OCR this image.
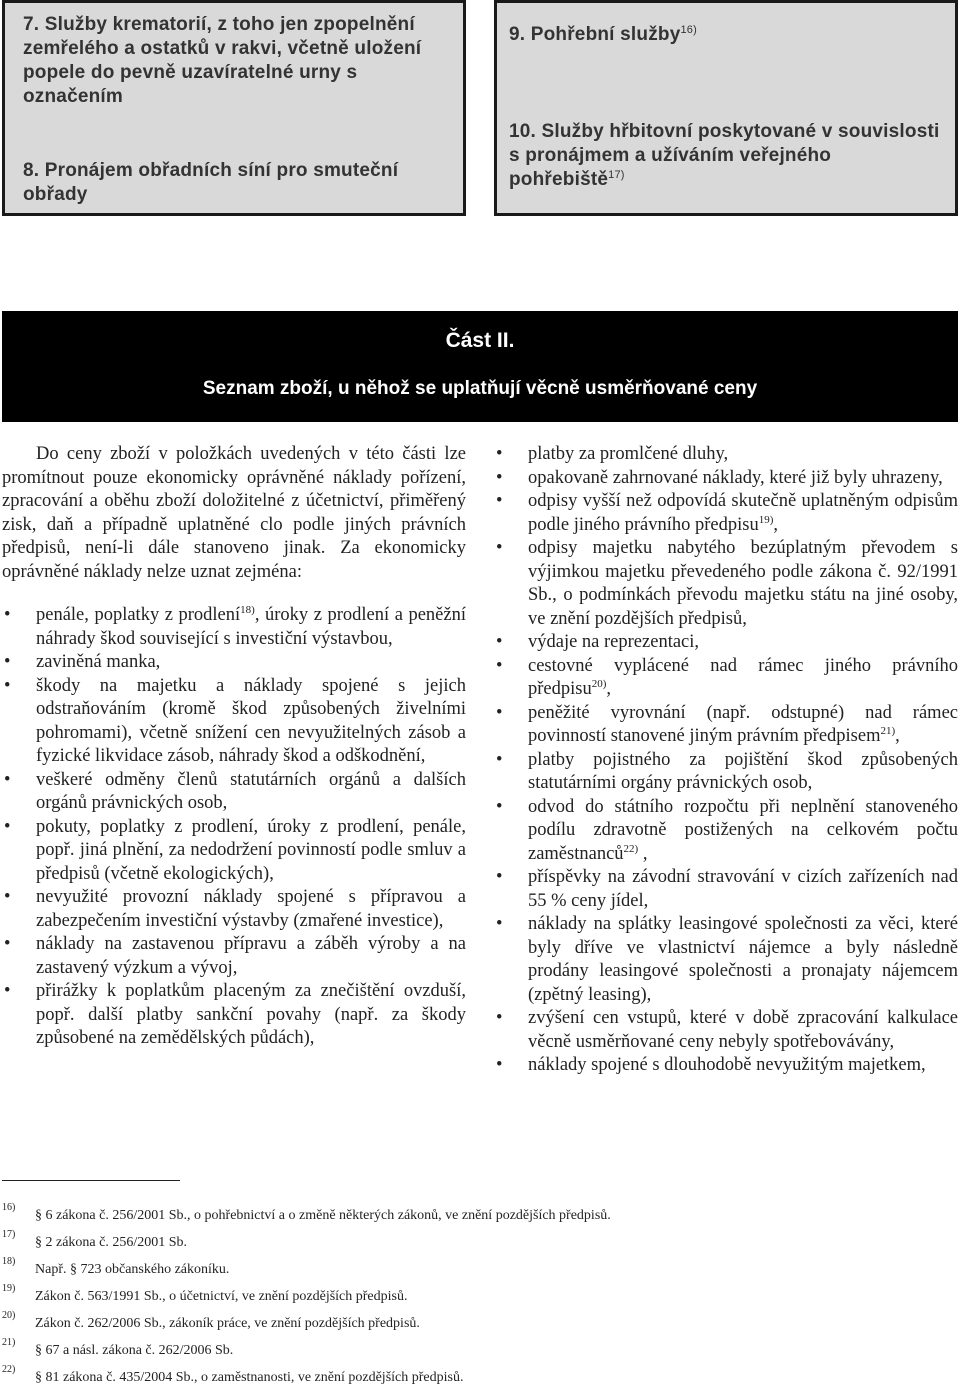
7. Služby krematorií, z toho jen zpopelnění zemřelého a ostatků v rakvi, včetně uložení popele do pevně uzavíratelné urny s označením

8. Pronájem obřadních síní pro smuteční obřady

9. Pohřební služby$^{16)}$

10. Služby hřbitovní poskytované v souvislosti s pronájmem a užíváním veřejného pohřebiště$^{17)}$

Část II.
Seznam zboží, u něhož se uplatňují věcně usměrňované ceny

Do ceny zboží v položkách uvedených v této části lze promítnout pouze ekonomicky oprávněné náklady pořízení, zpracování a oběhu zboží doložitelné z účetnictví, přiměřený zisk, daň a případně uplatněné clo podle jiných právních předpisů, není-li dále stanoveno jinak. Za ekonomicky oprávněné náklady nelze uznat zejména:

• penále, poplatky z prodlení$^{18)}$, úroky z prodlení a peněžní náhrady škod související s investiční výstavbou,
• zaviněná manka,
• škody na majetku a náklady spojené s jejich odstraňováním (kromě škod způsobených živelními pohromami), včetně snížení cen nevyužitelných zásob a fyzické likvidace zásob, náhrady škod a odškodnění,
• veškeré odměny členů statutárních orgánů a dalších orgánů právnických osob,
• pokuty, poplatky z prodlení, úroky z prodlení, penále, popř. jiná plnění, za nedodržení povinností podle smluv a předpisů (včetně ekologických),
• nevyužité provozní náklady spojené s přípravou a zabezpečením investiční výstavby (zmařené investice),
• náklady na zastavenou přípravu a záběh výroby a na zastavený výzkum a vývoj,
• přirážky k poplatkům placeným za znečištění ovzduší, popř. další platby sankční povahy (např. za škody způsobené na zemědělských půdách),
• platby za promlčené dluhy,
• opakovaně zahrnované náklady, které již byly uhrazeny,
• odpisy vyšší než odpovídá skutečně uplatněným odpisům podle jiného právního předpisu$^{19)}$,
• odpisy majetku nabytého bezúplatným převodem s výjimkou majetku převedeného podle zákona č. 92/1991 Sb., o podmínkách převodu majetku státu na jiné osoby, ve znění pozdějších předpisů,
• výdaje na reprezentaci,
• cestovné vyplácené nad rámec jiného právního předpisu$^{20)}$,
• peněžité vyrovnání (např. odstupné) nad rámec povinností stanovené jiným právním předpisem$^{21)}$,
• platby pojistného za pojištění škod způsobených statutárními orgány právnických osob,
• odvod do státního rozpočtu při neplnění stanoveného podílu zdravotně postižených na celkovém počtu zaměstnanců$^{22)}$ ,
• příspěvky na závodní stravování v cizích zařízeních nad 55 % ceny jídel,
• náklady na splátky leasingové společnosti za věci, které byly dříve ve vlastnictví nájemce a byly následně prodány leasingové společnosti a pronajaty nájemcem (zpětný leasing),
• zvýšení cen vstupů, které v době zpracování kalkulace věcně usměrňované ceny nebyly spotřebovávány,
• náklady spojené s dlouhodobě nevyužitým majetkem,
16)
§ 6 zákona č. 256/2001 Sb., o pohřebnictví a o změně některých zákonů, ve znění pozdějších předpisů.
17)
§ 2 zákona č. 256/2001 Sb.
18)
Např. § 723 občanského zákoníku.
19)
Zákon č. 563/1991 Sb., o účetnictví, ve znění pozdějších předpisů.
20)
Zákon č. 262/2006 Sb., zákoník práce, ve znění pozdějších předpisů.
21)
§ 67 a násl. zákona č. 262/2006 Sb.
22)
§ 81 zákona č. 435/2004 Sb., o zaměstnanosti, ve znění pozdějších předpisů.
